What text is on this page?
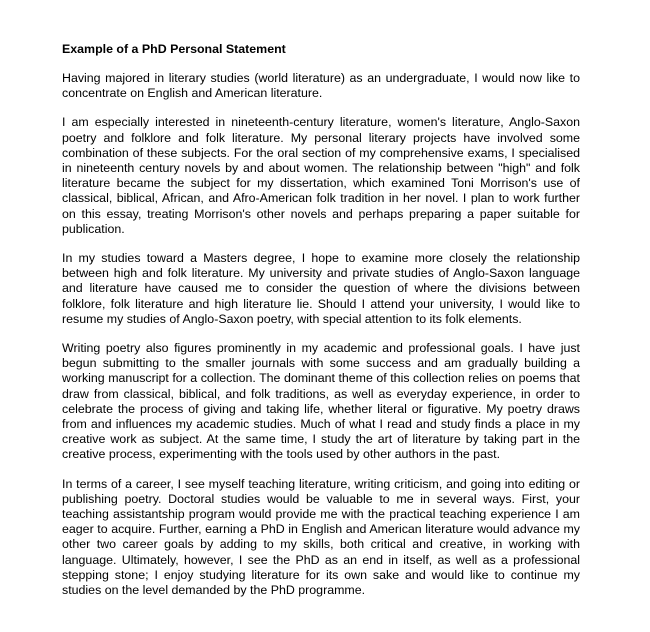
Example of a PhD Personal Statement

Having majored in literary studies (world literature) as an undergraduate, I would now like to concentrate on English and American literature.

I am especially interested in nineteenth-century literature, women's literature, Anglo-Saxon poetry and folklore and folk literature. My personal literary projects have involved some combination of these subjects. For the oral section of my comprehensive exams, I specialised in nineteenth century novels by and about women. The relationship between "high" and folk literature became the subject for my dissertation, which examined Toni Morrison's use of classical, biblical, African, and Afro-American folk tradition in her novel. I plan to work further on this essay, treating Morrison's other novels and perhaps preparing a paper suitable for publication.

In my studies toward a Masters degree, I hope to examine more closely the relationship between high and folk literature. My university and private studies of Anglo-Saxon language and literature have caused me to consider the question of where the divisions between folklore, folk literature and high literature lie. Should I attend your university, I would like to resume my studies of Anglo-Saxon poetry, with special attention to its folk elements.

Writing poetry also figures prominently in my academic and professional goals. I have just begun submitting to the smaller journals with some success and am gradually building a working manuscript for a collection. The dominant theme of this collection relies on poems that draw from classical, biblical, and folk traditions, as well as everyday experience, in order to celebrate the process of giving and taking life, whether literal or figurative. My poetry draws from and influences my academic studies. Much of what I read and study finds a place in my creative work as subject. At the same time, I study the art of literature by taking part in the creative process, experimenting with the tools used by other authors in the past.

In terms of a career, I see myself teaching literature, writing criticism, and going into editing or publishing poetry. Doctoral studies would be valuable to me in several ways. First, your teaching assistantship program would provide me with the practical teaching experience I am eager to acquire. Further, earning a PhD in English and American literature would advance my other two career goals by adding to my skills, both critical and creative, in working with language. Ultimately, however, I see the PhD as an end in itself, as well as a professional stepping stone; I enjoy studying literature for its own sake and would like to continue my studies on the level demanded by the PhD programme.
